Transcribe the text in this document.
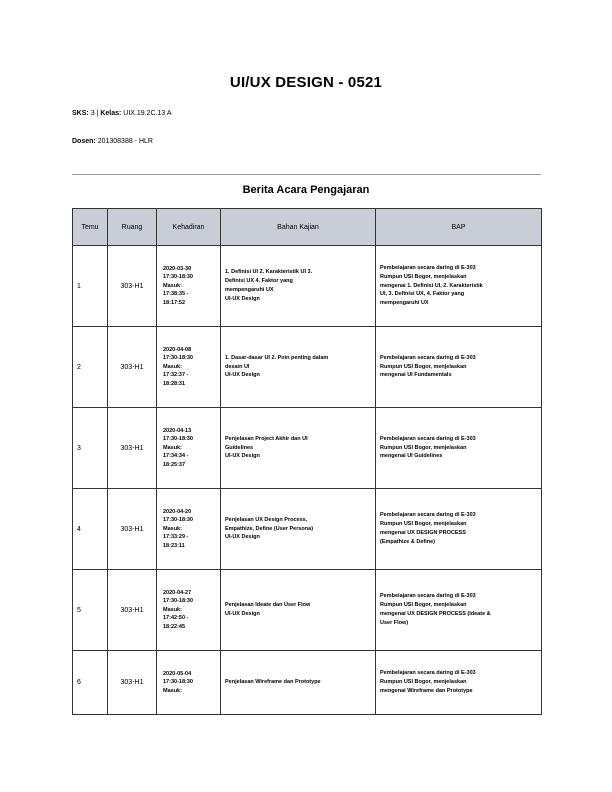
UI/UX DESIGN - 0521
SKS: 3 | Kelas: UIX.19.2C.13 A
Dosen: 201308388 - HLR
Berita Acara Pengajaran
Temu	Ruang	Kehadiran	Bahan Kajian	BAP
1	303-H1	2020-03-30
17:30-18:30
Masuk:
17:38:35 -
18:17:52	1. Definisi UI 2. Karakteristik UI 3.
Definisi UX 4. Faktor yang
mempengaruhi UX
UI-UX Design	Pembelajaran secara daring di E-303
Rumpun USI Bogor, menjelaskan
mengenai 1. Definisi UI, 2. Karakteristik
UI, 3. Definisi UX, 4. Faktor yang
mempengaruhi UX

2	303-H1	2020-04-08
17:30-18:30
Masuk:
17:32:37 -
18:28:31	1. Dasar-dasar UI 2. Poin penting dalam
desain UI
UI-UX Design	Pembelajaran secara daring di E-303
Rumpun USI Bogor, menjelaskan
mengenai UI Fundamentals

3	303-H1	2020-04-13
17:30-18:30
Masuk:
17:34:34 -
18:25:37	Penjelasan Project Akhir dan UI
Guidelines
UI-UX Design	Pembelajaran secara daring di E-303
Rumpun USI Bogor, menjelaskan
mengenai UI Guidelines

4	303-H1	2020-04-20
17:30-18:30
Masuk:
17:33:29 -
18:23:11	Penjelasan UX Design Process,
Empathize, Define (User Persona)
UI-UX Design	Pembelajaran secara daring di E-303
Rumpun USI Bogor, menjelaskan
mengenai UX DESIGN PROCESS
(Empathize & Define)

5	303-H1	2020-04-27
17:30-18:30
Masuk:
17:42:50 -
18:22:45	Penjelasan Ideate dan User Flow
UI-UX Design	Pembelajaran secara daring di E-303
Rumpun USI Bogor, menjelaskan
mengenai UX DESIGN PROCESS (Ideate &
User Flow)

6	303-H1	2020-05-04
17:30-18:30
Masuk:	Penjelasan Wireframe dan Prototype	Pembelajaran secara daring di E-303
Rumpun USI Bogor, menjelaskan
mengenai Wireframe dan Prototype
